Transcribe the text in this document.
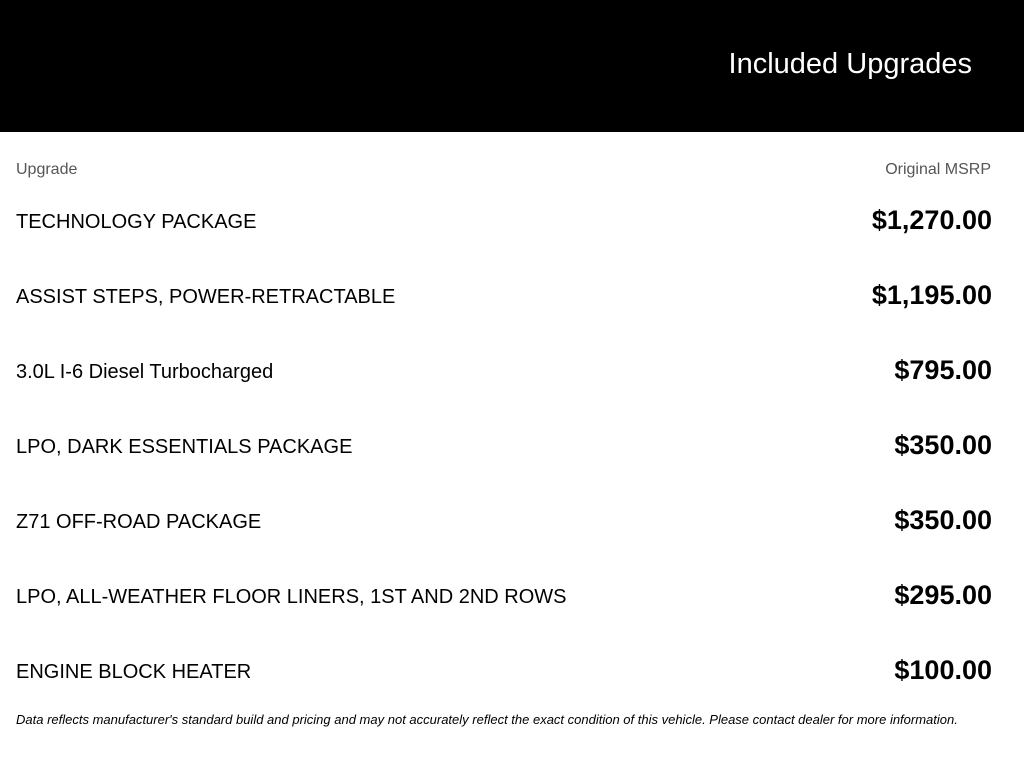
Included Upgrades
Upgrade	Original MSRP
TECHNOLOGY PACKAGE	$1,270.00
ASSIST STEPS, POWER-RETRACTABLE	$1,195.00
3.0L I-6 Diesel Turbocharged	$795.00
LPO, DARK ESSENTIALS PACKAGE	$350.00
Z71 OFF-ROAD PACKAGE	$350.00
LPO, ALL-WEATHER FLOOR LINERS, 1ST AND 2ND ROWS	$295.00
ENGINE BLOCK HEATER	$100.00
Data reflects manufacturer's standard build and pricing and may not accurately reflect the exact condition of this vehicle. Please contact dealer for more information.
